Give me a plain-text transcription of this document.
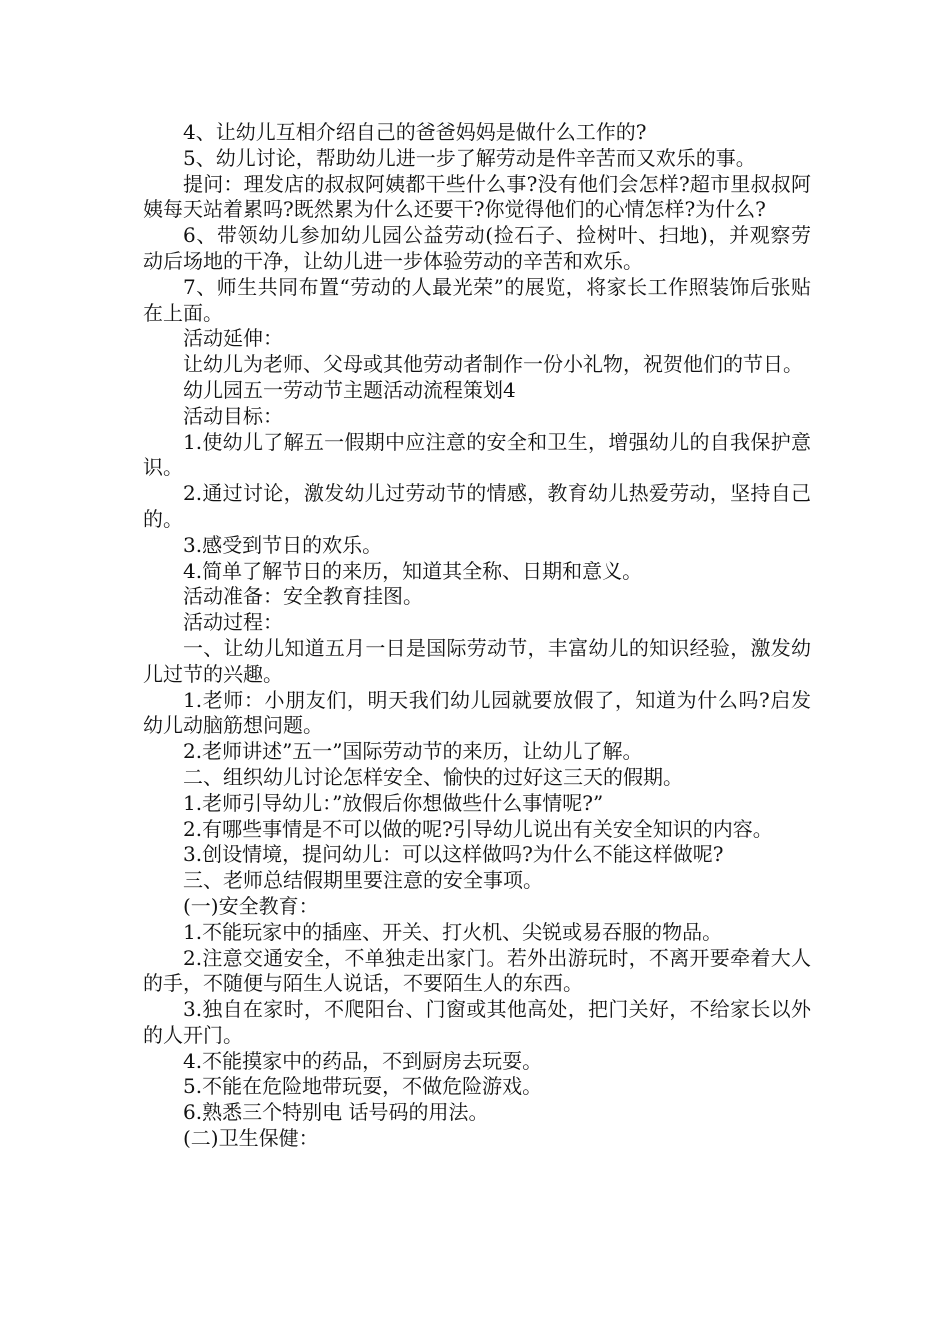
4、让幼儿互相介绍自己的爸爸妈妈是做什么工作的?

5、幼儿讨论，帮助幼儿进一步了解劳动是件辛苦而又欢乐的事。

提问：理发店的叔叔阿姨都干些什么事?没有他们会怎样?超市里叔叔阿姨每天站着累吗?既然累为什么还要干?你觉得他们的心情怎样?为什么?

6、带领幼儿参加幼儿园公益劳动(捡石子、捡树叶、扫地)，并观察劳动后场地的干净，让幼儿进一步体验劳动的辛苦和欢乐。

7、师生共同布置“劳动的人最光荣”的展览，将家长工作照装饰后张贴在上面。

活动延伸：

让幼儿为老师、父母或其他劳动者制作一份小礼物，祝贺他们的节日。

幼儿园五一劳动节主题活动流程策划4

活动目标：

1.使幼儿了解五一假期中应注意的安全和卫生，增强幼儿的自我保护意识。

2.通过讨论，激发幼儿过劳动节的情感，教育幼儿热爱劳动，坚持自己的。

3.感受到节日的欢乐。

4.简单了解节日的来历，知道其全称、日期和意义。

活动准备：安全教育挂图。

活动过程：

一、让幼儿知道五月一日是国际劳动节，丰富幼儿的知识经验，激发幼儿过节的兴趣。

1.老师：小朋友们，明天我们幼儿园就要放假了，知道为什么吗?启发幼儿动脑筋想问题。

2.老师讲述”五一”国际劳动节的来历，让幼儿了解。

二、组织幼儿讨论怎样安全、愉快的过好这三天的假期。

1.老师引导幼儿：”放假后你想做些什么事情呢?”

2.有哪些事情是不可以做的呢?引导幼儿说出有关安全知识的内容。

3.创设情境，提问幼儿：可以这样做吗?为什么不能这样做呢?

三、老师总结假期里要注意的安全事项。

(一)安全教育：

1.不能玩家中的插座、开关、打火机、尖锐或易吞服的物品。

2.注意交通安全，不单独走出家门。若外出游玩时，不离开要牵着大人的手，不随便与陌生人说话，不要陌生人的东西。

3.独自在家时，不爬阳台、门窗或其他高处，把门关好，不给家长以外的人开门。

4.不能摸家中的药品，不到厨房去玩耍。

5.不能在危险地带玩耍，不做危险游戏。

6.熟悉三个特别电 话号码的用法。

(二)卫生保健：
